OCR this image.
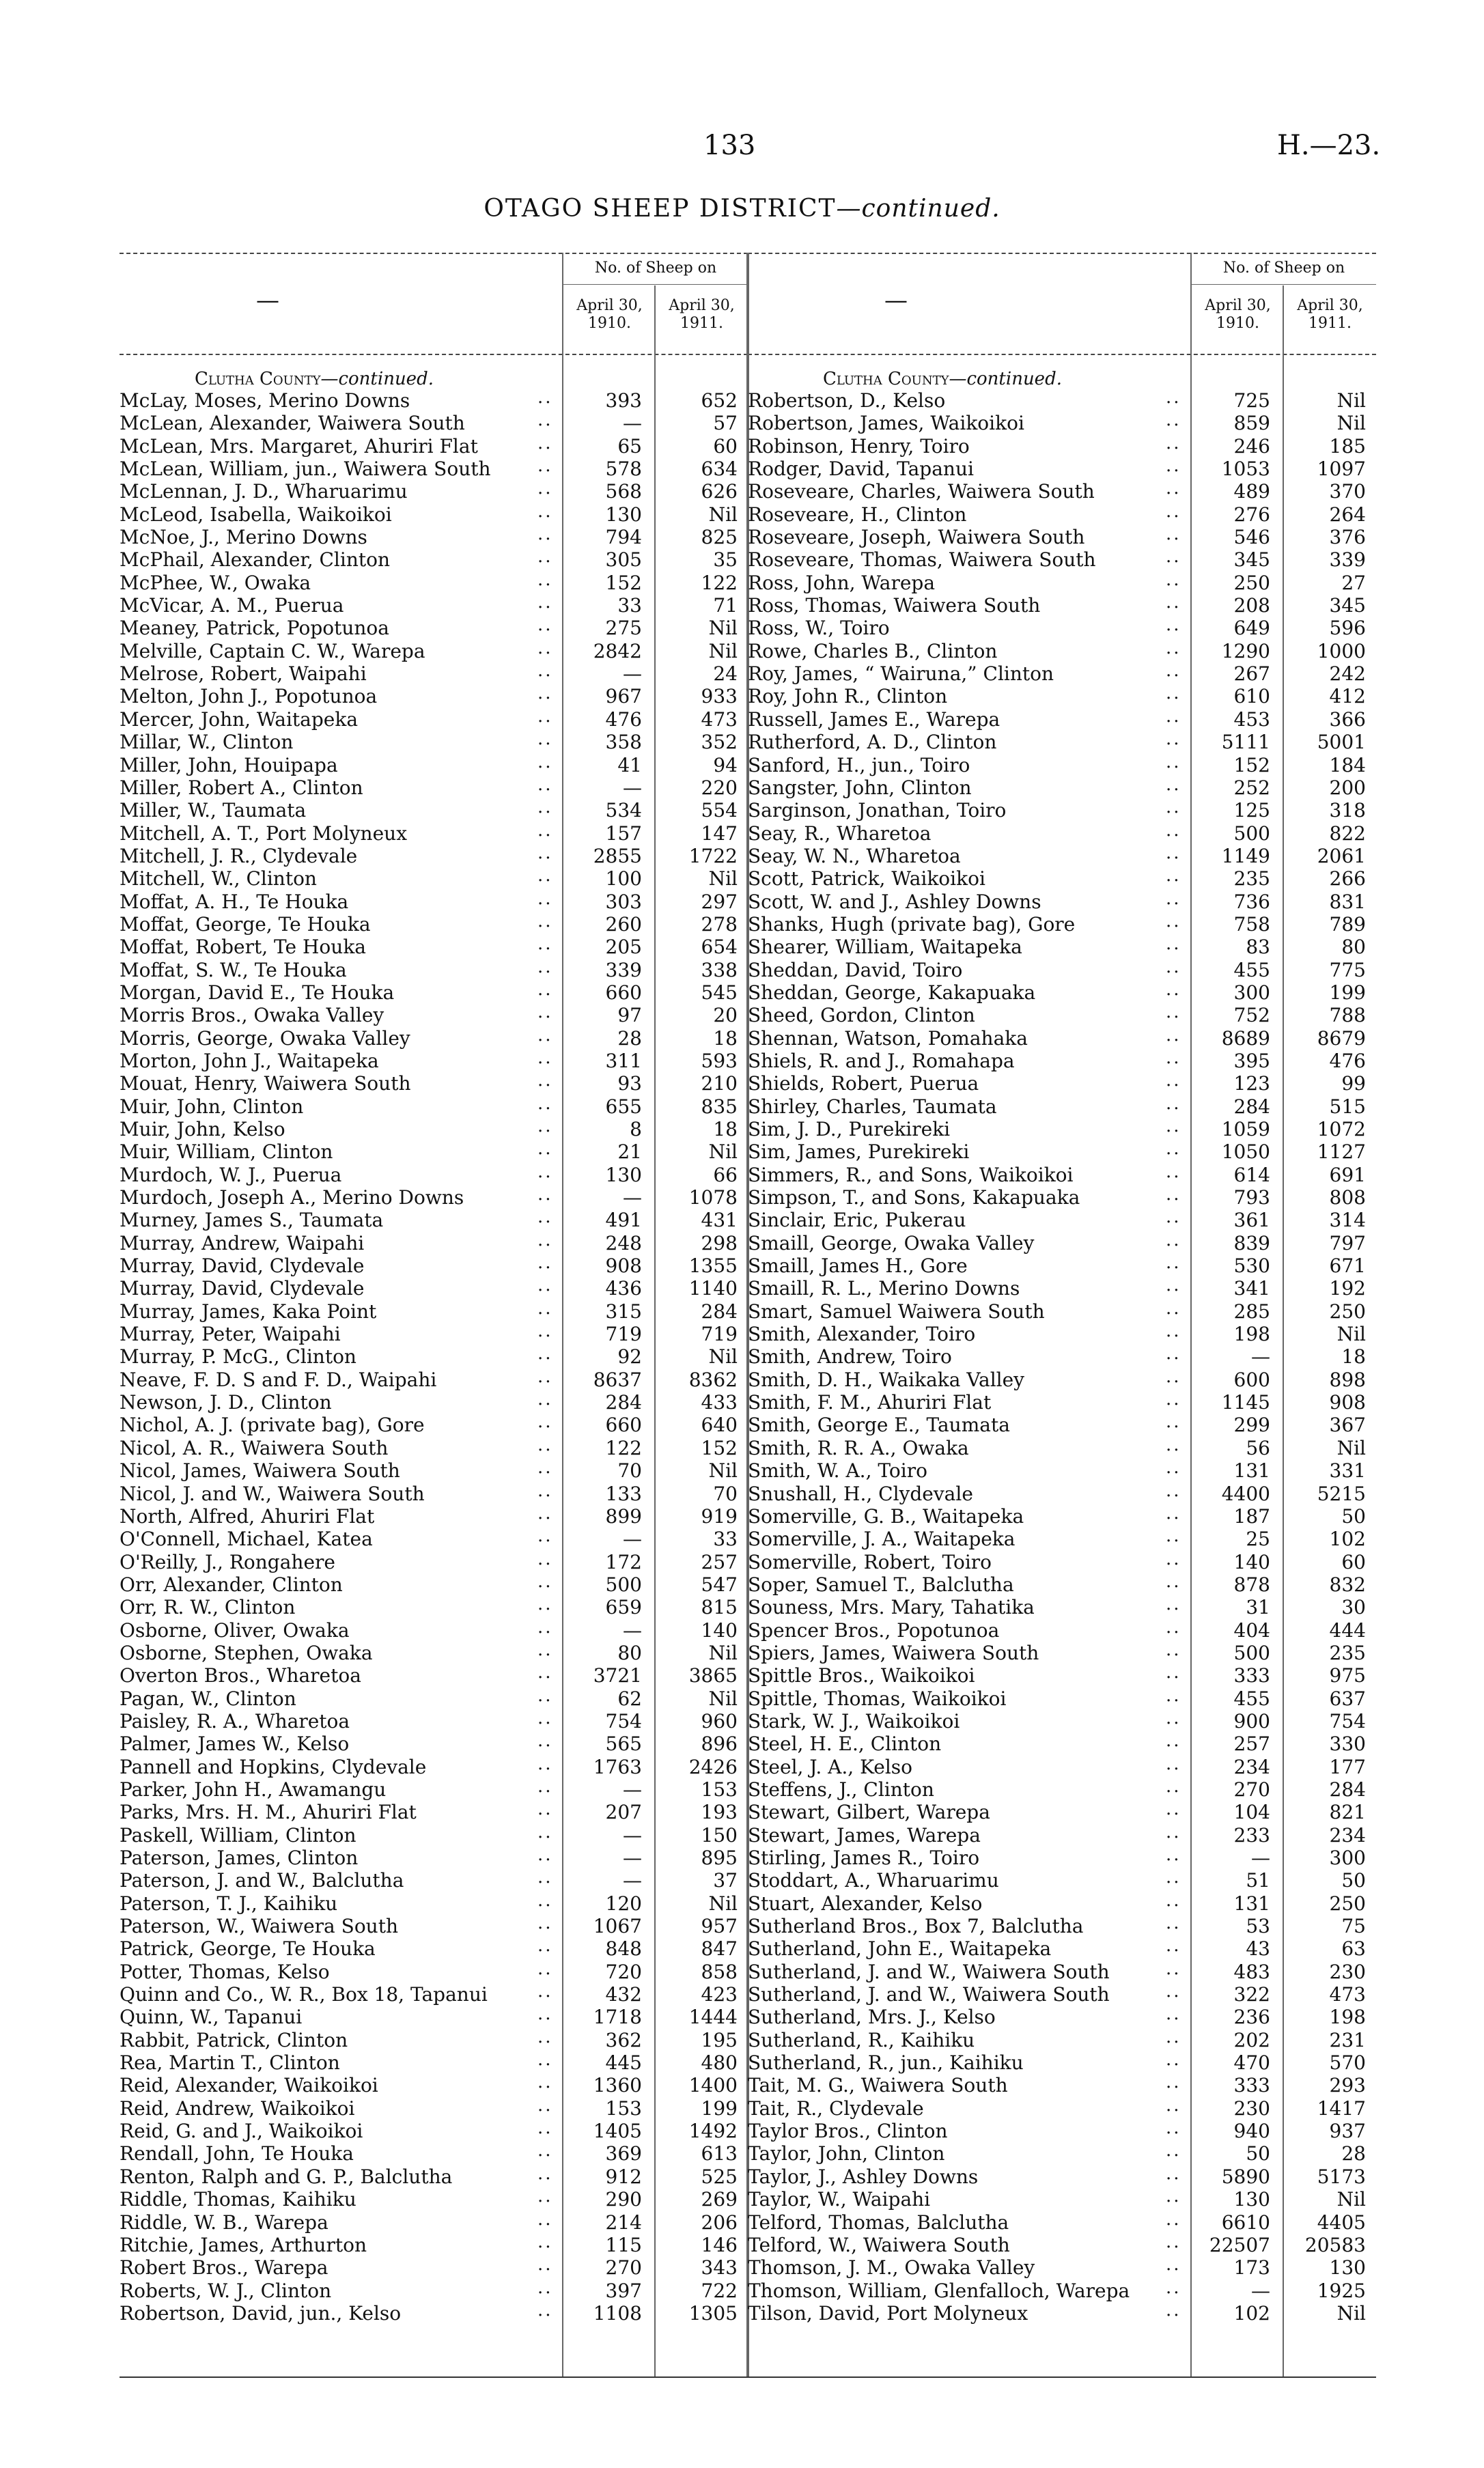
133	H.—23.
OTAGO SHEEP DISTRICT—continued.
—
No. of Sheep on
April 30, 1910.
April 30, 1911.
Clutha County—continued.
McLay, Moses, Merino Downs	393	652
..
McLean, Alexander, Waiwera South	—	57
..
McLean, Mrs. Margaret, Ahuriri Flat	65	60
..
McLean, William, jun., Waiwera South	578	634
..
McLennan, J. D., Wharuarimu	568	626
..
McLeod, Isabella, Waikoikoi	130	Nil
..
McNoe, J., Merino Downs	794	825
..
McPhail, Alexander, Clinton	305	35
..
McPhee, W., Owaka	152	122
..
McVicar, A. M., Puerua	33	71
..
Meaney, Patrick, Popotunoa	275	Nil
..
Melville, Captain C. W., Warepa	2842	Nil
..
Melrose, Robert, Waipahi	—	24
..
Melton, John J., Popotunoa	967	933
..
Mercer, John, Waitapeka	476	473
..
Millar, W., Clinton	358	352
..
Miller, John, Houipapa	41	94
..
Miller, Robert A., Clinton	—	220
..
Miller, W., Taumata	534	554
..
Mitchell, A. T., Port Molyneux	157	147
..
Mitchell, J. R., Clydevale	2855	1722
..
Mitchell, W., Clinton	100	Nil
..
Moffat, A. H., Te Houka	303	297
..
Moffat, George, Te Houka	260	278
..
Moffat, Robert, Te Houka	205	654
..
Moffat, S. W., Te Houka	339	338
..
Morgan, David E., Te Houka	660	545
..
Morris Bros., Owaka Valley	97	20
..
Morris, George, Owaka Valley	28	18
..
Morton, John J., Waitapeka	311	593
..
Mouat, Henry, Waiwera South	93	210
..
Muir, John, Clinton	655	835
..
Muir, John, Kelso	8	18
..
Muir, William, Clinton	21	Nil
..
Murdoch, W. J., Puerua	130	66
..
Murdoch, Joseph A., Merino Downs	—	1078
..
Murney, James S., Taumata	491	431
..
Murray, Andrew, Waipahi	248	298
..
Murray, David, Clydevale	908	1355
..
Murray, David, Clydevale	436	1140
..
Murray, James, Kaka Point	315	284
..
Murray, Peter, Waipahi	719	719
..
Murray, P. McG., Clinton	92	Nil
..
Neave, F. D. S and F. D., Waipahi	8637	8362
..
Newson, J. D., Clinton	284	433
..
Nichol, A. J. (private bag), Gore	660	640
..
Nicol, A. R., Waiwera South	122	152
..
Nicol, James, Waiwera South	70	Nil
..
Nicol, J. and W., Waiwera South	133	70
..
North, Alfred, Ahuriri Flat	899	919
..
O'Connell, Michael, Katea	—	33
..
O'Reilly, J., Rongahere	172	257
..
Orr, Alexander, Clinton	500	547
..
Orr, R. W., Clinton	659	815
..
Osborne, Oliver, Owaka	—	140
..
Osborne, Stephen, Owaka	80	Nil
..
Overton Bros., Wharetoa	3721	3865
..
Pagan, W., Clinton	62	Nil
..
Paisley, R. A., Wharetoa	754	960
..
Palmer, James W., Kelso	565	896
..
Pannell and Hopkins, Clydevale	1763	2426
..
Parker, John H., Awamangu	—	153
..
Parks, Mrs. H. M., Ahuriri Flat	207	193
..
Paskell, William, Clinton	—	150
..
Paterson, James, Clinton	—	895
..
Paterson, J. and W., Balclutha	—	37
..
Paterson, T. J., Kaihiku	120	Nil
..
Paterson, W., Waiwera South	1067	957
..
Patrick, George, Te Houka	848	847
..
Potter, Thomas, Kelso	720	858
..
Quinn and Co., W. R., Box 18, Tapanui	432	423
..
Quinn, W., Tapanui	1718	1444
..
Rabbit, Patrick, Clinton	362	195
..
Rea, Martin T., Clinton	445	480
..
Reid, Alexander, Waikoikoi	1360	1400
..
Reid, Andrew, Waikoikoi	153	199
..
Reid, G. and J., Waikoikoi	1405	1492
..
Rendall, John, Te Houka	369	613
..
Renton, Ralph and G. P., Balclutha	912	525
..
Riddle, Thomas, Kaihiku	290	269
..
Riddle, W. B., Warepa	214	206
..
Ritchie, James, Arthurton	115	146
..
Robert Bros., Warepa	270	343
..
Roberts, W. J., Clinton	397	722
..
Robertson, David, jun., Kelso	1108	1305
..
—
No. of Sheep on
April 30, 1910.
April 30, 1911.
Clutha County—continued.
Robertson, D., Kelso	725	Nil
..
Robertson, James, Waikoikoi	859	Nil
..
Robinson, Henry, Toiro	246	185
..
Rodger, David, Tapanui	1053	1097
..
Roseveare, Charles, Waiwera South	489	370
..
Roseveare, H., Clinton	276	264
..
Roseveare, Joseph, Waiwera South	546	376
..
Roseveare, Thomas, Waiwera South	345	339
..
Ross, John, Warepa	250	27
..
Ross, Thomas, Waiwera South	208	345
..
Ross, W., Toiro	649	596
..
Rowe, Charles B., Clinton	1290	1000
..
Roy, James, “ Wairuna,” Clinton	267	242
..
Roy, John R., Clinton	610	412
..
Russell, James E., Warepa	453	366
..
Rutherford, A. D., Clinton	5111	5001
..
Sanford, H., jun., Toiro	152	184
..
Sangster, John, Clinton	252	200
..
Sarginson, Jonathan, Toiro	125	318
..
Seay, R., Wharetoa	500	822
..
Seay, W. N., Wharetoa	1149	2061
..
Scott, Patrick, Waikoikoi	235	266
..
Scott, W. and J., Ashley Downs	736	831
..
Shanks, Hugh (private bag), Gore	758	789
..
Shearer, William, Waitapeka	83	80
..
Sheddan, David, Toiro	455	775
..
Sheddan, George, Kakapuaka	300	199
..
Sheed, Gordon, Clinton	752	788
..
Shennan, Watson, Pomahaka	8689	8679
..
Shiels, R. and J., Romahapa	395	476
..
Shields, Robert, Puerua	123	99
..
Shirley, Charles, Taumata	284	515
..
Sim, J. D., Purekireki	1059	1072
..
Sim, James, Purekireki	1050	1127
..
Simmers, R., and Sons, Waikoikoi	614	691
..
Simpson, T., and Sons, Kakapuaka	793	808
..
Sinclair, Eric, Pukerau	361	314
..
Smaill, George, Owaka Valley	839	797
..
Smaill, James H., Gore	530	671
..
Smaill, R. L., Merino Downs	341	192
..
Smart, Samuel Waiwera South	285	250
..
Smith, Alexander, Toiro	198	Nil
..
Smith, Andrew, Toiro	—	18
..
Smith, D. H., Waikaka Valley	600	898
..
Smith, F. M., Ahuriri Flat	1145	908
..
Smith, George E., Taumata	299	367
..
Smith, R. R. A., Owaka	56	Nil
..
Smith, W. A., Toiro	131	331
..
Snushall, H., Clydevale	4400	5215
..
Somerville, G. B., Waitapeka	187	50
..
Somerville, J. A., Waitapeka	25	102
..
Somerville, Robert, Toiro	140	60
..
Soper, Samuel T., Balclutha	878	832
..
Souness, Mrs. Mary, Tahatika	31	30
..
Spencer Bros., Popotunoa	404	444
..
Spiers, James, Waiwera South	500	235
..
Spittle Bros., Waikoikoi	333	975
..
Spittle, Thomas, Waikoikoi	455	637
..
Stark, W. J., Waikoikoi	900	754
..
Steel, H. E., Clinton	257	330
..
Steel, J. A., Kelso	234	177
..
Steffens, J., Clinton	270	284
..
Stewart, Gilbert, Warepa	104	821
..
Stewart, James, Warepa	233	234
..
Stirling, James R., Toiro	—	300
..
Stoddart, A., Wharuarimu	51	50
..
Stuart, Alexander, Kelso	131	250
..
Sutherland Bros., Box 7, Balclutha	53	75
..
Sutherland, John E., Waitapeka	43	63
..
Sutherland, J. and W., Waiwera South	483	230
..
Sutherland, J. and W., Waiwera South	322	473
..
Sutherland, Mrs. J., Kelso	236	198
..
Sutherland, R., Kaihiku	202	231
..
Sutherland, R., jun., Kaihiku	470	570
..
Tait, M. G., Waiwera South	333	293
..
Tait, R., Clydevale	230	1417
..
Taylor Bros., Clinton	940	937
..
Taylor, John, Clinton	50	28
..
Taylor, J., Ashley Downs	5890	5173
..
Taylor, W., Waipahi	130	Nil
..
Telford, Thomas, Balclutha	6610	4405
..
Telford, W., Waiwera South	22507	20583
..
Thomson, J. M., Owaka Valley	173	130
..
Thomson, William, Glenfalloch, Warepa	—	1925
..
Tilson, David, Port Molyneux	102	Nil
..
